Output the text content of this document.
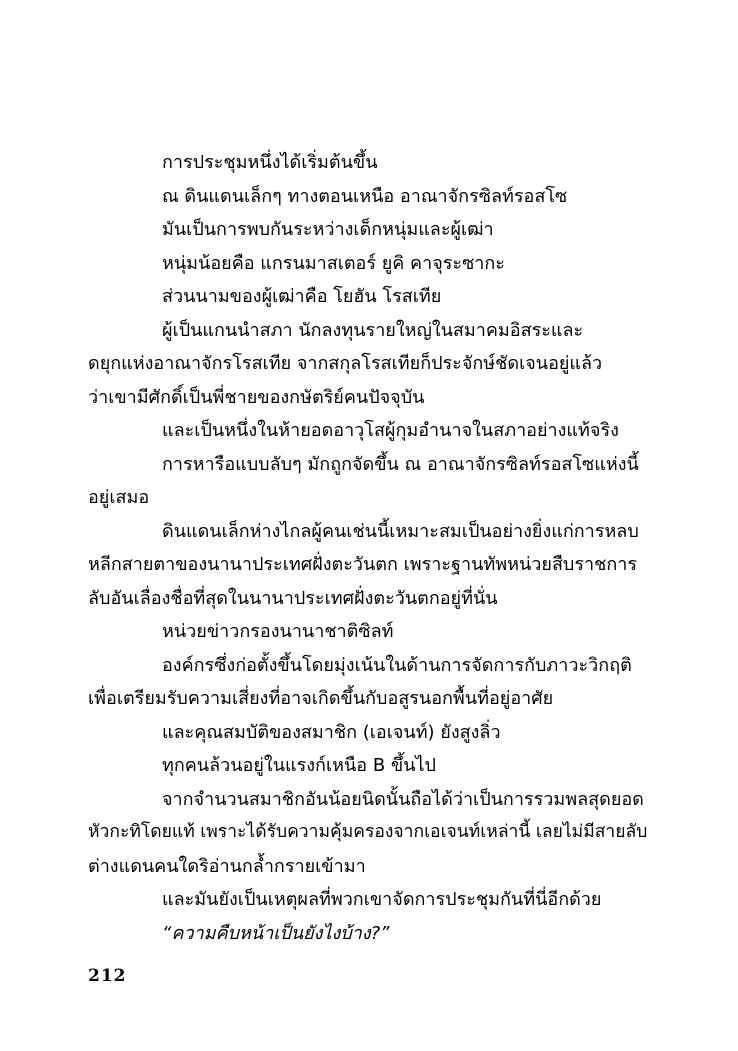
การประชุมหนึ่งได้เริ่มต้นขึ้น
ณ ดินแดนเล็กๆ ทางตอนเหนือ อาณาจักรซิลท์รอสโซ
มันเป็นการพบกันระหว่างเด็กหนุ่มและผู้เฒ่า
หนุ่มน้อยคือ แกรนมาสเตอร์ ยูคิ คาจุระซากะ
ส่วนนามของผู้เฒ่าคือ โยฮัน โรสเทีย
ผู้เป็นแกนนำสภา นักลงทุนรายใหญ่ในสมาคมอิสระและ
ดยุกแห่งอาณาจักรโรสเทีย จากสกุลโรสเทียก็ประจักษ์ชัดเจนอยู่แล้ว
ว่าเขามีศักดิ์เป็นพี่ชายของกษัตริย์คนปัจจุบัน
และเป็นหนึ่งในห้ายอดอาวุโสผู้กุมอำนาจในสภาอย่างแท้จริง
การหารือแบบลับๆ มักถูกจัดขึ้น ณ อาณาจักรซิลท์รอสโซแห่งนี้
อยู่เสมอ
ดินแดนเล็กห่างไกลผู้คนเช่นนี้เหมาะสมเป็นอย่างยิ่งแก่การหลบ
หลีกสายตาของนานาประเทศฝั่งตะวันตก เพราะฐานทัพหน่วยสืบราชการ
ลับอันเลื่องชื่อที่สุดในนานาประเทศฝั่งตะวันตกอยู่ที่นั่น
หน่วยข่าวกรองนานาชาติซิลท์
องค์กรซึ่งก่อตั้งขึ้นโดยมุ่งเน้นในด้านการจัดการกับภาวะวิกฤติ
เพื่อเตรียมรับความเสี่ยงที่อาจเกิดขึ้นกับอสูรนอกพื้นที่อยู่อาศัย
และคุณสมบัติของสมาชิก (เอเจนท์) ยังสูงลิ่ว
ทุกคนล้วนอยู่ในแรงก์เหนือ B ขึ้นไป
จากจำนวนสมาชิกอันน้อยนิดนั้นถือได้ว่าเป็นการรวมพลสุดยอด
หัวกะทิโดยแท้ เพราะได้รับความคุ้มครองจากเอเจนท์เหล่านี้ เลยไม่มีสายลับ
ต่างแดนคนใดริอ่านกล้ำกรายเข้ามา
และมันยังเป็นเหตุผลที่พวกเขาจัดการประชุมกันที่นี่อีกด้วย
“ความคืบหน้าเป็นยังไงบ้าง?”
212
